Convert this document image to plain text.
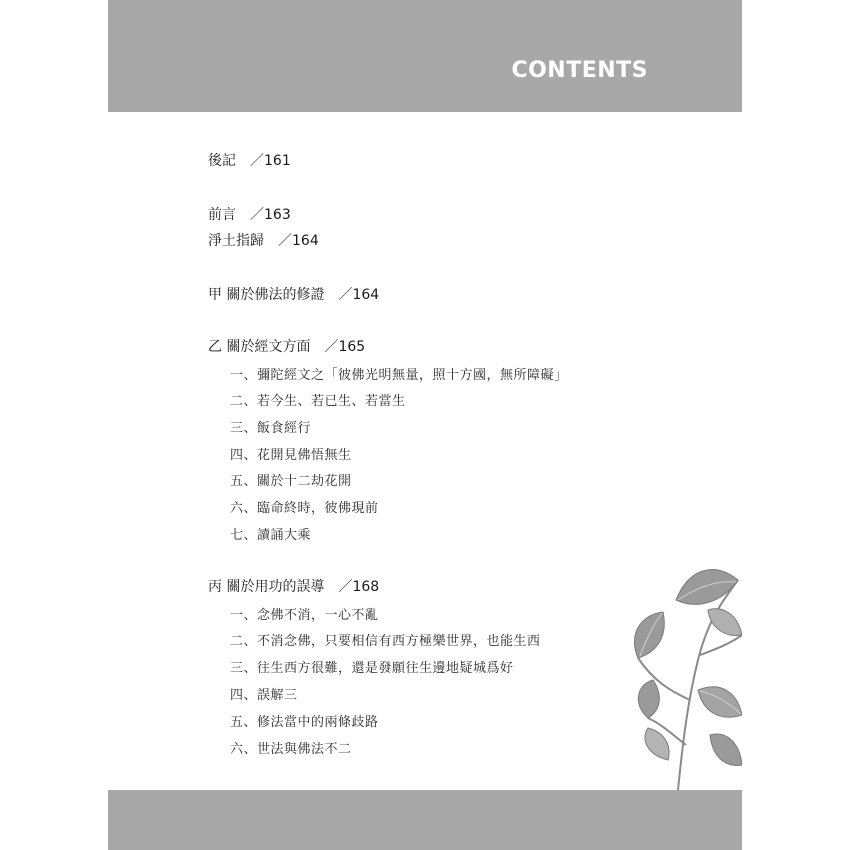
CONTENTS
後記 ／161
前言 ／163
淨土指歸 ／164
甲 關於佛法的修證 ／164
乙 關於經文方面 ／165
一、彌陀經文之「彼佛光明無量，照十方國，無所障礙」
二、若今生、若已生、若當生
三、飯食經行
四、花開見佛悟無生
五、關於十二劫花開
六、臨命終時，彼佛現前
七、讀誦大乘
丙 關於用功的誤導 ／168
一、念佛不消，一心不亂
二、不消念佛，只要相信有西方極樂世界，也能生西
三、往生西方很難，還是發願往生邊地疑城爲好
四、誤解三
五、修法當中的兩條歧路
六、世法與佛法不二
